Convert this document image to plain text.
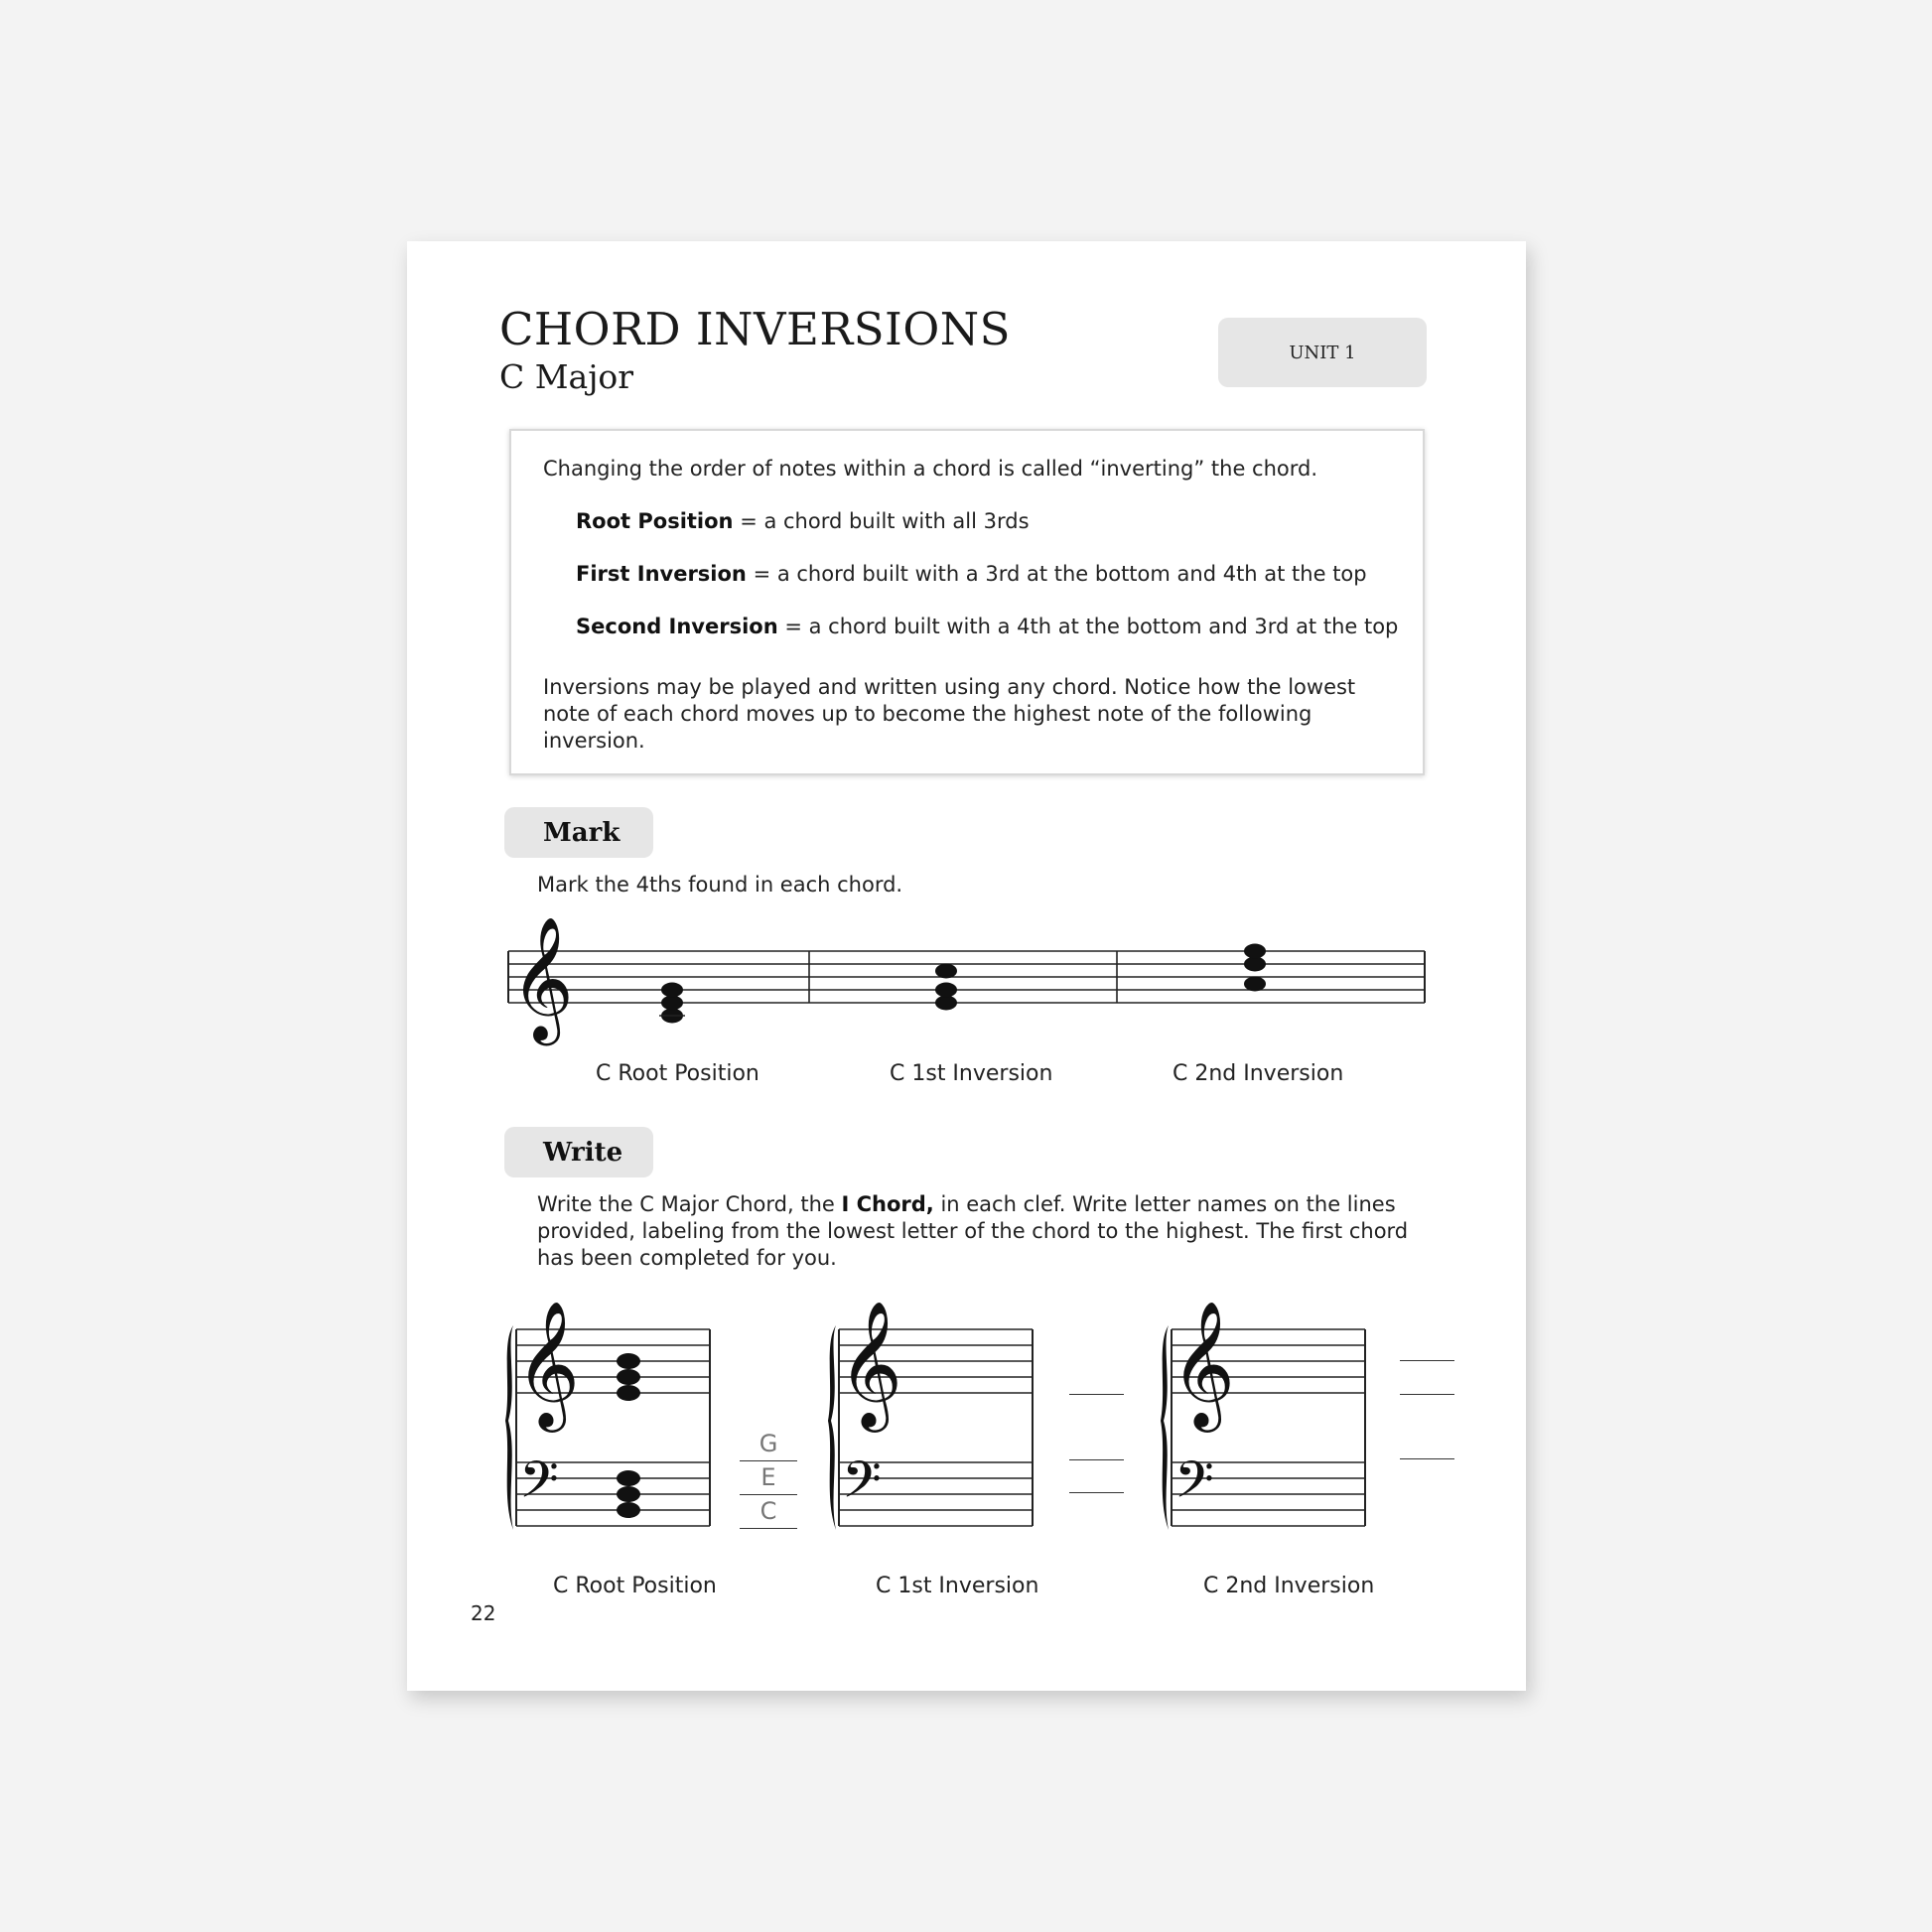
CHORD INVERSIONS
C Major
UNIT 1
Changing the order of notes within a chord is called “inverting” the chord.
Root Position = a chord built with all 3rds
First Inversion = a chord built with a 3rd at the bottom and 4th at the top
Second Inversion = a chord built with a 4th at the bottom and 3rd at the top
Inversions may be played and written using any chord. Notice how the lowest note of each chord moves up to become the highest note of the following inversion.
Mark
Mark the 4ths found in each chord.
𝄞
C Root Position	C 1st Inversion	C 2nd Inversion
Write
Write the C Major Chord, the I Chord, in each clef. Write letter names on the lines provided, labeling from the lowest letter of the chord to the highest. The first chord has been completed for you.
𝄞
𝄢
G
E
C
𝄞
𝄢
𝄞
𝄢
C Root Position	C 1st Inversion	C 2nd Inversion
22
